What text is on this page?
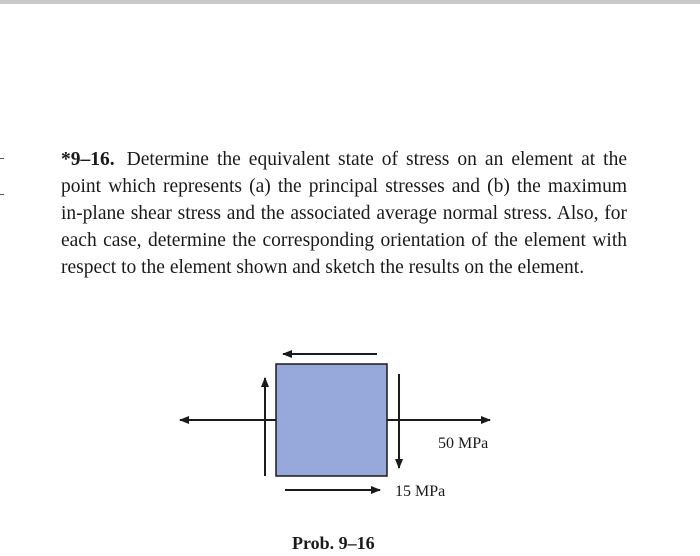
*9–16. Determine the equivalent state of stress on an element at the point which represents (a) the principal stresses and (b) the maximum in-plane shear stress and the associated average normal stress. Also, for each case, determine the corresponding orientation of the element with respect to the element shown and sketch the results on the element.
50 MPa
15 MPa
Prob. 9–16
